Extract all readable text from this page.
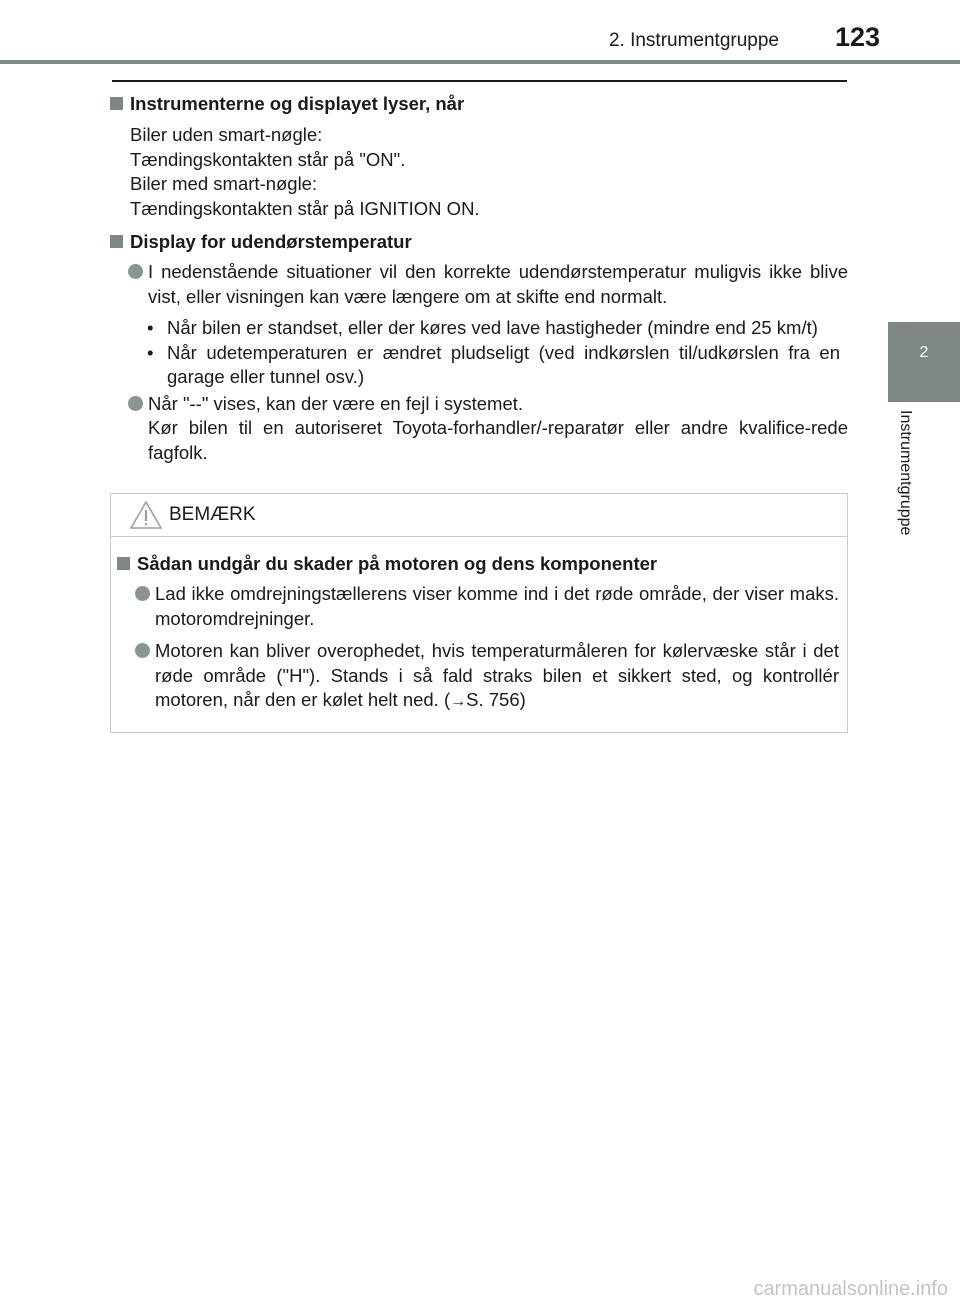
2. Instrumentgruppe 123
2
Instrumentgruppe
Instrumenterne og displayet lyser, når

Biler uden smart-nøgle:

Tændingskontakten står på "ON".

Biler med smart-nøgle:

Tændingskontakten står på IGNITION ON.

Display for udendørstemperatur
I nedenstående situationer vil den korrekte udendørstemperatur muligvis ikke blive vist, eller visningen kan være længere om at skifte end normalt.
• Når bilen er standset, eller der køres ved lave hastigheder (mindre end 25 km/t)
• Når udetemperaturen er ændret pludseligt (ved indkørslen til/udkørslen fra en garage eller tunnel osv.)
Når "--" vises, kan der være en fejl i systemet.
Kør bilen til en autoriseret Toyota-forhandler/-reparatør eller andre kvalifice-rede fagfolk.
BEMÆRK
Sådan undgår du skader på motoren og dens komponenter
Lad ikke omdrejningstællerens viser komme ind i det røde område, der viser maks. motoromdrejninger.
Motoren kan bliver overophedet, hvis temperaturmåleren for kølervæske står i det røde område ("H"). Stands i så fald straks bilen et sikkert sted, og kontrollér motoren, når den er kølet helt ned. (→S. 756)
carmanualsonline.info
